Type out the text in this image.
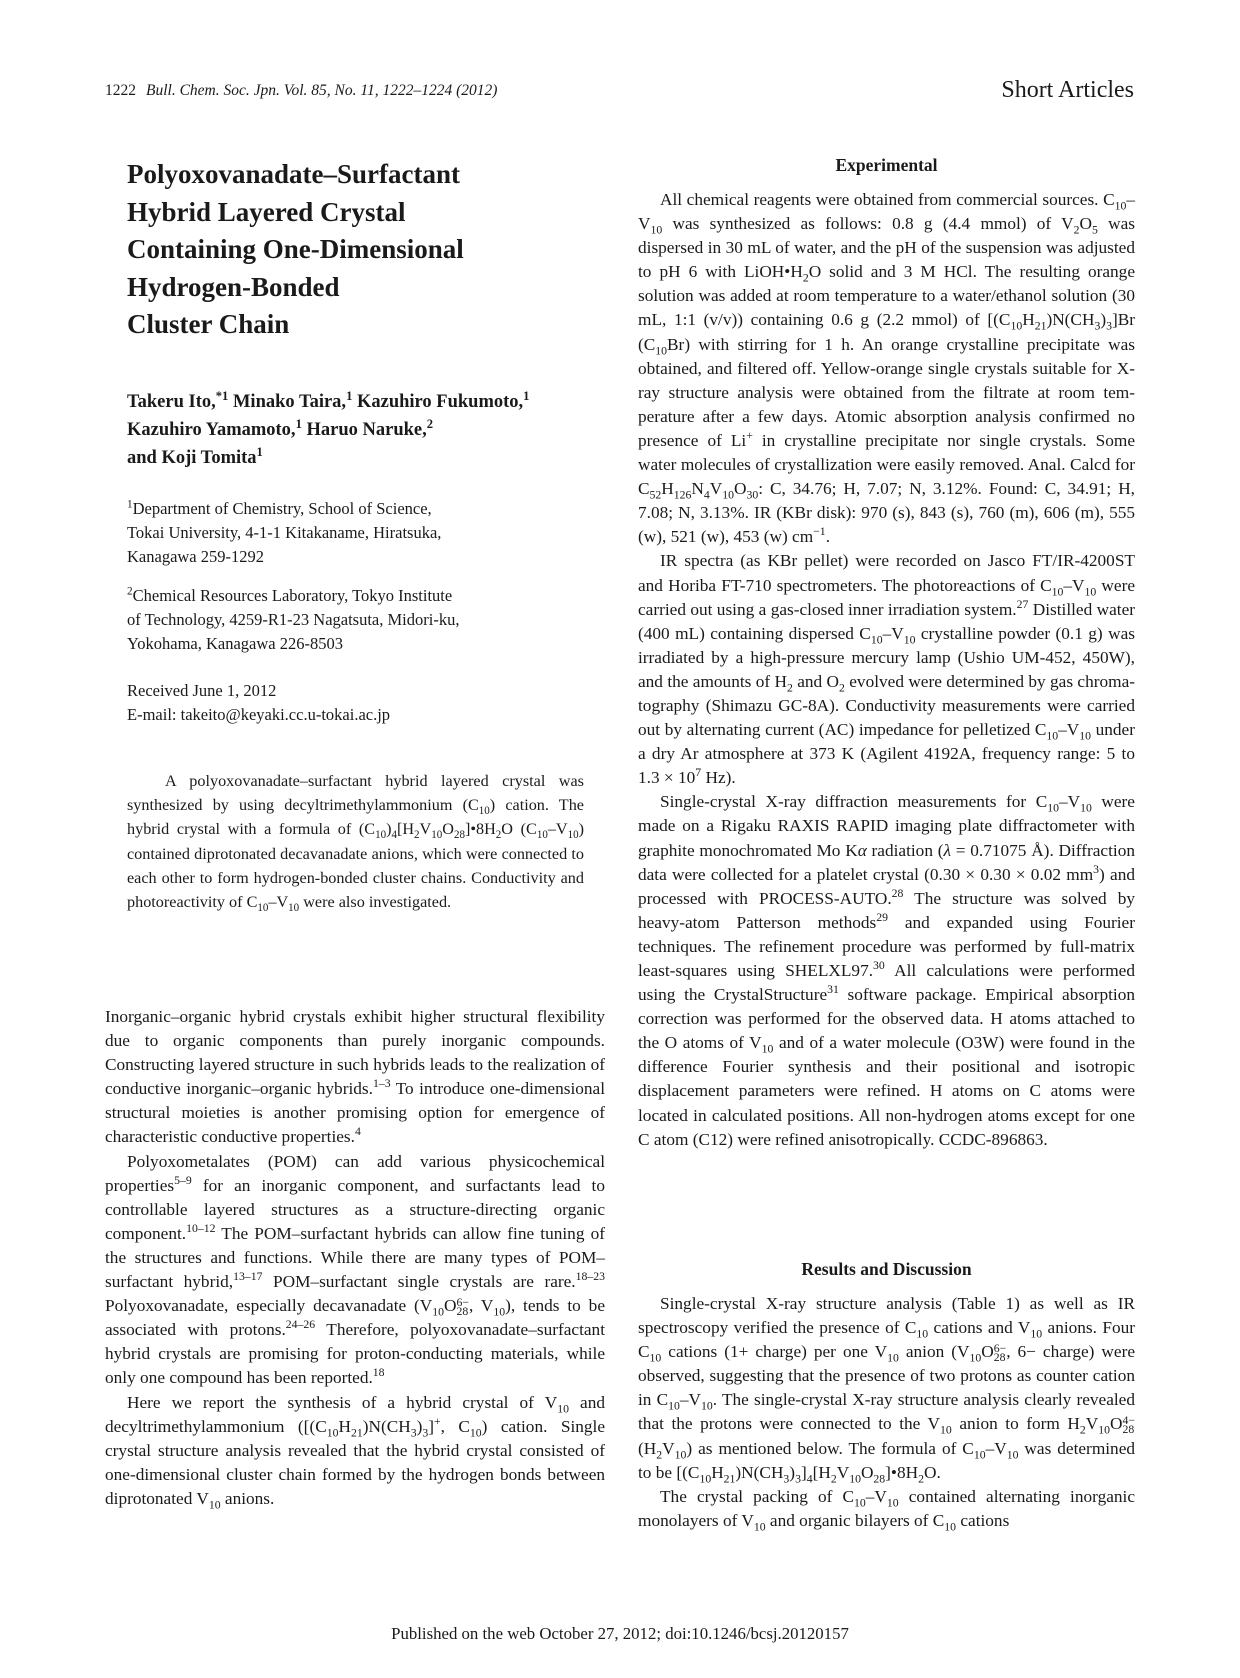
1222 Bull. Chem. Soc. Jpn. Vol. 85, No. 11, 1222–1224 (2012)	Short Articles
Polyoxovanadate–Surfactant
Hybrid Layered Crystal
Containing One-Dimensional
Hydrogen-Bonded
Cluster Chain

Takeru Ito,$^{*1}$ Minako Taira,$^1$ Kazuhiro Fukumoto,$^1$
Kazuhiro Yamamoto,$^1$ Haruo Naruke,$^2$
and Koji Tomita$^1$

$^1$Department of Chemistry, School of Science,
Tokai University, 4-1-1 Kitakaname, Hiratsuka,
Kanagawa 259-1292

$^2$Chemical Resources Laboratory, Tokyo Institute
of Technology, 4259-R1-23 Nagatsuta, Midori-ku,
Yokohama, Kanagawa 226-8503

Received June 1, 2012
E-mail: takeito@keyaki.cc.u-tokai.ac.jp

A polyoxovanadate–surfactant hybrid layered crystal was synthesized by using decyltrimethylammonium $(C_{10})$ cation. The hybrid crystal with a formula of $(C_{10})_4[H_2V_{10}O_{28}]•8H_2O$ $(C_{10}-V_{10})$ contained diprotonated decavanadate anions, which were connected to each other to form hydrogen-bonded cluster chains. Conductivity and photoreactivity of $C_{10}-V_{10}$ were also investigated.

Inorganic–organic hybrid crystals exhibit higher structural flexibility due to organic components than purely inorganic compounds. Constructing layered structure in such hybrids leads to the realization of conductive inorganic–organic hybrids.$^{1-3}$ To introduce one-dimensional structural moieties is another promising option for emergence of characteristic conductive properties.$^4$

Polyoxometalates (POM) can add various physicochemical properties$^{5-9}$ for an inorganic component, and surfactants lead to controllable layered structures as a structure-directing organic component.$^{10-12}$ The POM–surfactant hybrids can allow fine tuning of the structures and functions. While there are many types of POM–surfactant hybrid,$^{13-17}$ POM–surfactant single crystals are rare.$^{18-23}$ Polyoxovanadate, especially decavanadate ($V_{10}O$ 6−
28 , $V_{10}$), tends to be associated with protons.$^{24-26}$ Therefore, polyoxovanadate–surfactant hybrid crystals are promising for proton-conducting materials, while only one compound has been reported.$^{18}$

Here we report the synthesis of a hybrid crystal of $V_{10}$ and decyltrimethylammonium ($[(C_{10}H_{21})N(CH_3)_3]^+$, $C_{10}$) cation. Single crystal structure analysis revealed that the hybrid crystal consisted of one-dimensional cluster chain formed by the hydrogen bonds between diprotonated $V_{10}$ anions.

Experimental

All chemical reagents were obtained from commercial sources. $C_{10}-V_{10}$ was synthesized as follows: 0.8 g (4.4 mmol) of $V_2O_5$ was dispersed in 30 mL of water, and the pH of the suspension was adjusted to pH 6 with $LiOH•H_2O$ solid and 3 M HCl. The resulting orange solution was added at room temperature to a water/ethanol solution (30 mL, 1:1 (v/v)) containing 0.6 g (2.2 mmol) of $[(C_{10}H_{21})N(CH_3)_3]Br$ $(C_{10}Br)$ with stirring for 1 h. An orange crystalline precipitate was obtained, and filtered off. Yellow-orange single crystals suitable for X-ray structure analysis were obtained from the filtrate at room temperature after a few days. Atomic absorption analysis confirmed no presence of Li+ in crystalline precipitate nor single crystals. Some water molecules of crystallization were easily removed. Anal. Calcd for $C_{52}H_{126}N_4V_{10}O_{30}$: C, 34.76; H, 7.07; N, 3.12%. Found: C, 34.91; H, 7.08; N, 3.13%. IR (KBr disk): 970 (s), 843 (s), 760 (m), 606 (m), 555 (w), 521 (w), 453 (w) $cm^{-1}$.

IR spectra (as KBr pellet) were recorded on Jasco FT/IR-4200ST and Horiba FT-710 spectrometers. The photoreactions of $C_{10}-V_{10}$ were carried out using a gas-closed inner irradiation system.$^{27}$ Distilled water (400 mL) containing dispersed $C_{10}-V_{10}$ crystalline powder (0.1 g) was irradiated by a high-pressure mercury lamp (Ushio UM-452, 450W), and the amounts of $H_2$ and $O_2$ evolved were determined by gas chromatography (Shimazu GC-8A). Conductivity measurements were carried out by alternating current (AC) impedance for pelletized $C_{10}-V_{10}$ under a dry Ar atmosphere at 373 K (Agilent 4192A, frequency range: 5 to $1.3 \times 10^7$ Hz).

Single-crystal X-ray diffraction measurements for $C_{10}-V_{10}$ were made on a Rigaku RAXIS RAPID imaging plate diffractometer with graphite monochromated Mo Kα radiation (λ = 0.71075 Å). Diffraction data were collected for a platelet crystal (0.30 × 0.30 × 0.02 $mm^3$) and processed with PROCESS-AUTO.$^{28}$ The structure was solved by heavy-atom Patterson methods$^{29}$ and expanded using Fourier techniques. The refinement procedure was performed by full-matrix least-squares using SHELXL97.30 All calculations were performed using the CrystalStructure$^{31}$ software package. Empirical absorption correction was performed for the observed data. H atoms attached to the O atoms of $V_{10}$ and of a water molecule (O3W) were found in the difference Fourier synthesis and their positional and isotropic displacement parameters were refined. H atoms on C atoms were located in calculated positions. All non-hydrogen atoms except for one C atom (C12) were refined anisotropically. CCDC-896863.

Results and Discussion

Single-crystal X-ray structure analysis (Table 1) as well as IR spectroscopy verified the presence of $C_{10}$ cations and $V_{10}$ anions. Four $C_{10}$ cations (1+ charge) per one $V_{10}$ anion ($V_{10}O$ 6−
28 , 6− charge) were observed, suggesting that the presence of two protons as counter cation in $C_{10}-V_{10}$. The single-crystal X-ray structure analysis clearly revealed that the protons were connected to the $V_{10}$ anion to form $H_2V_{10}O$ 4−
28
$(H_2V_{10})$ as mentioned below. The formula of $C_{10}-V_{10}$ was determined to be $[(C_{10}H_{21})N(CH_3)_3]_4[H_2V_{10}O_{28}]•8H_2O$.

The crystal packing of $C_{10}-V_{10}$ contained alternating inorganic monolayers of $V_{10}$ and organic bilayers of $C_{10}$ cations

Published on the web October 27, 2012; doi:10.1246/bcsj.20120157
